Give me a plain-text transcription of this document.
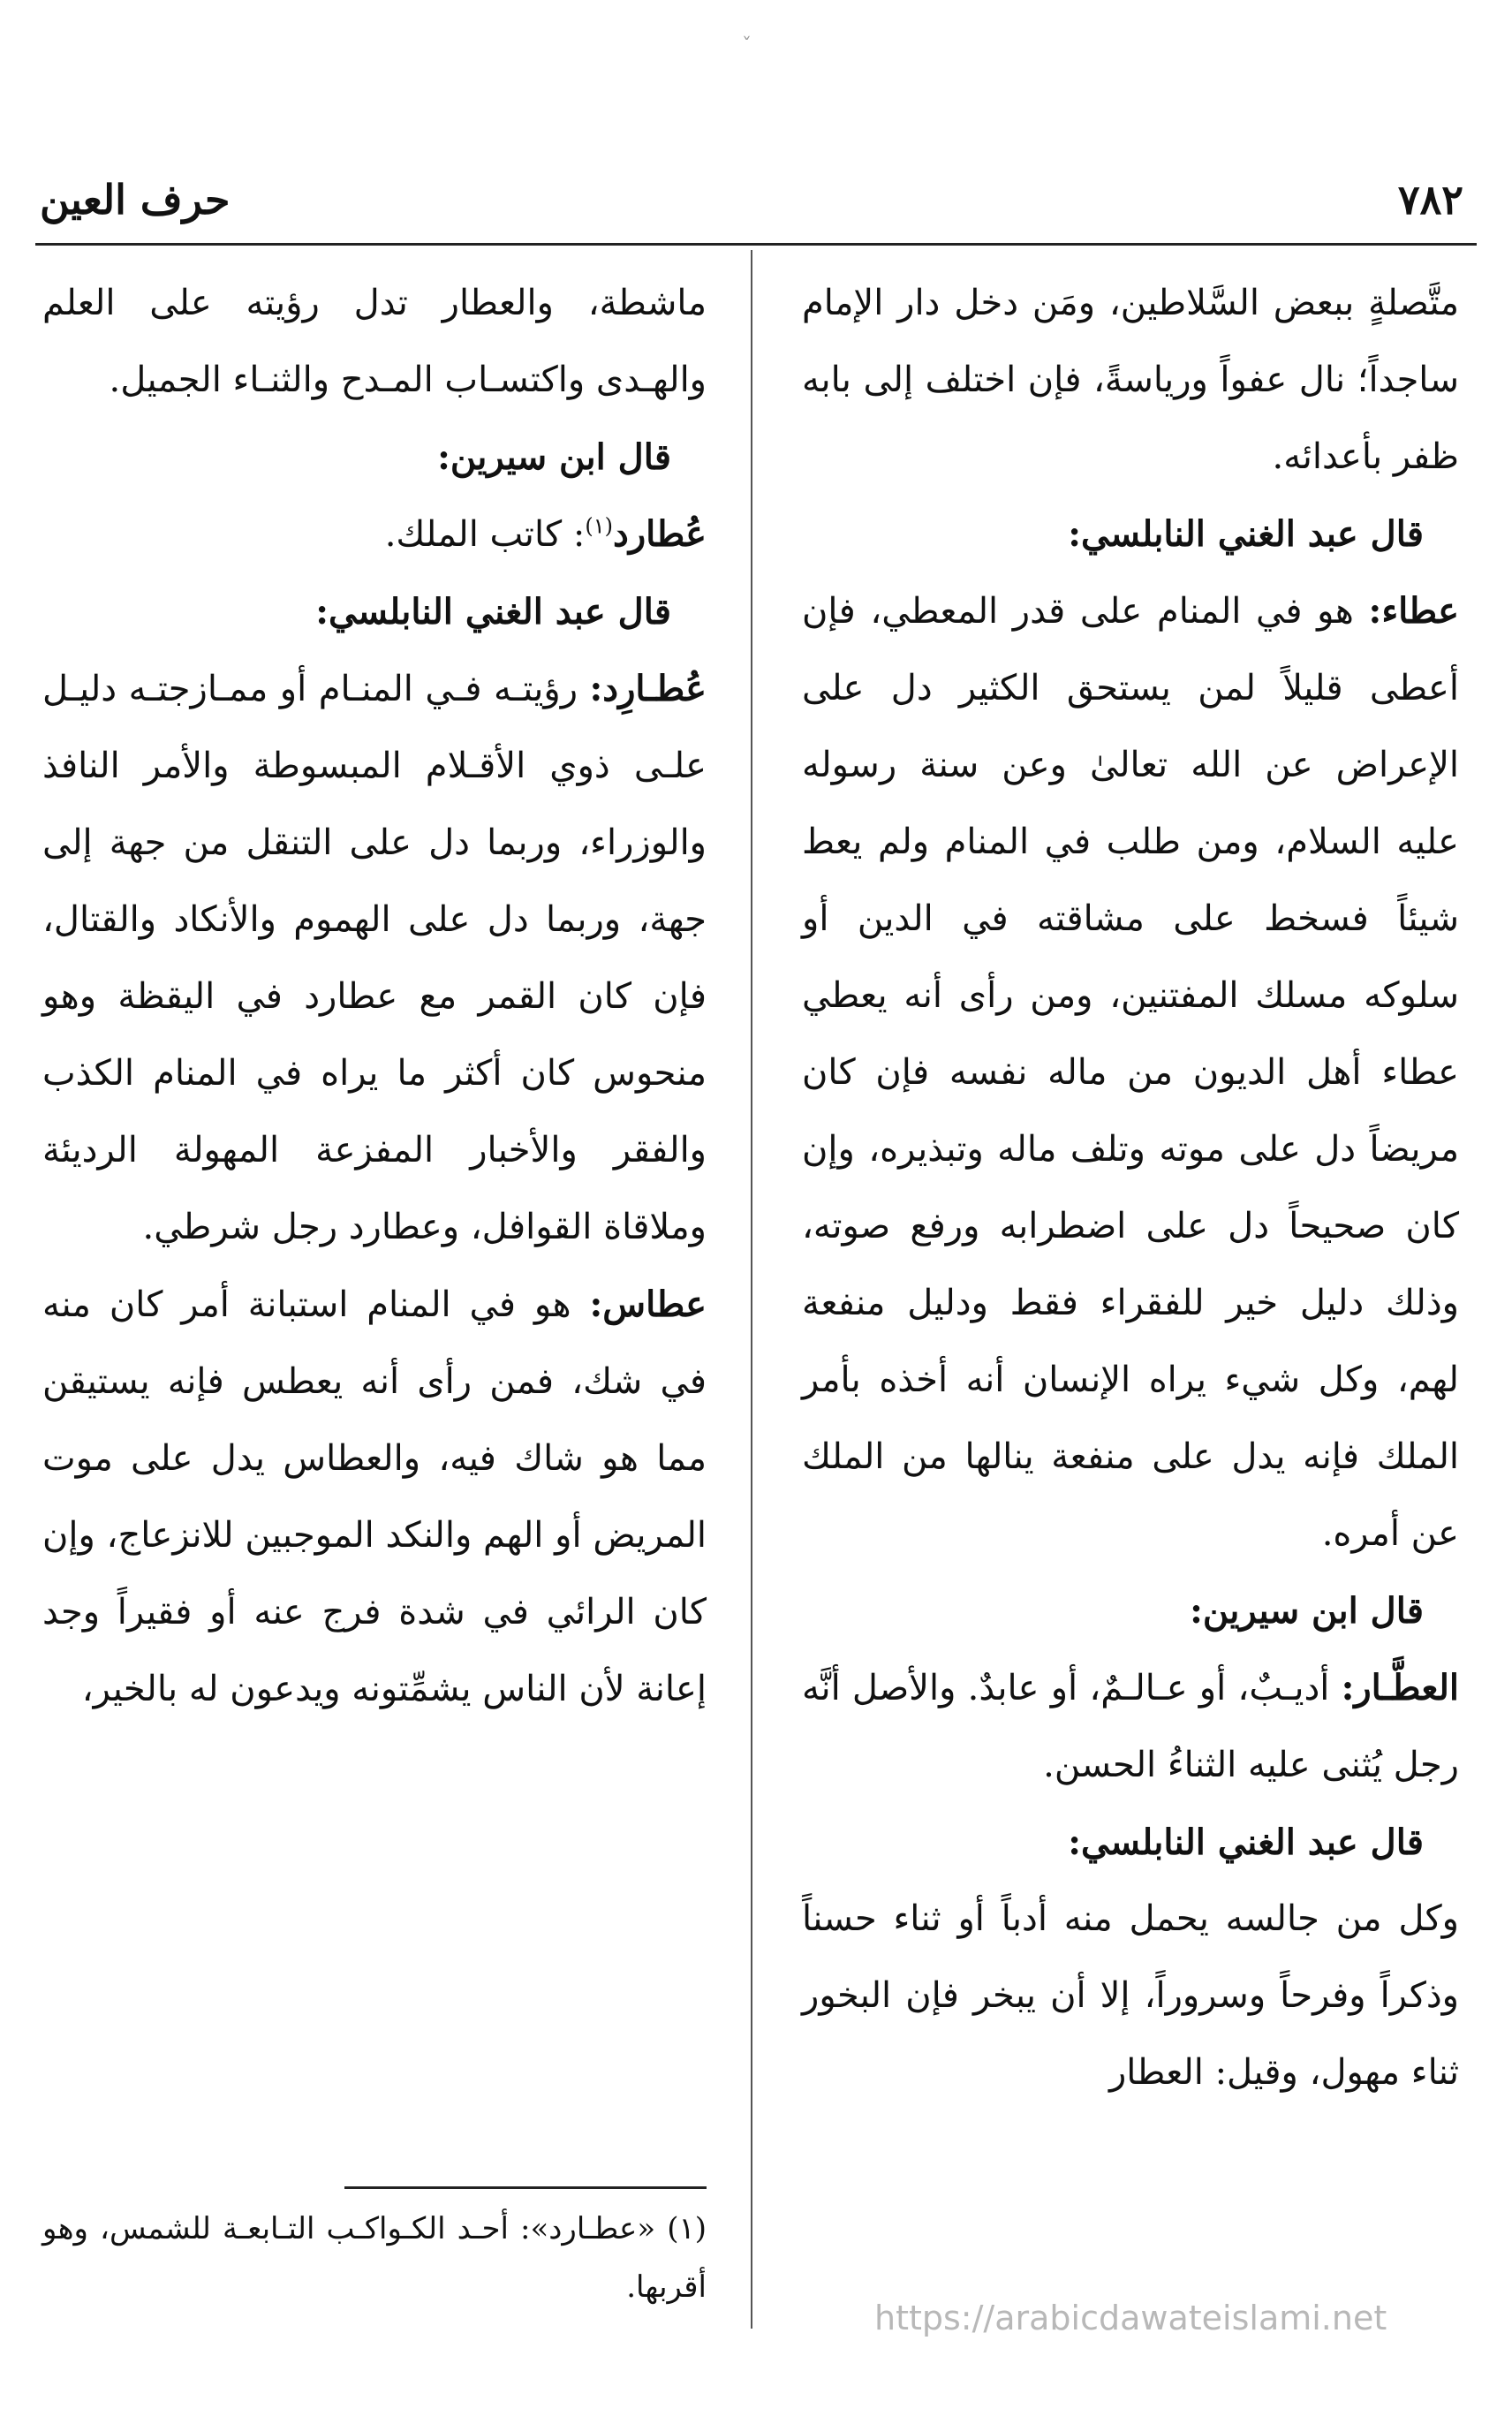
ˇ
٧٨٢
حرف العين

متَّصلةٍ ببعض السَّلاطين، ومَن دخل دار الإمام ساجداً؛ نال عفواً ورياسةً، فإن اختلف إلى بابه ظفر بأعدائه.

قال عبد الغني النابلسي:

عطاء: هو في المنام على قدر المعطي، فإن أعطى قليلاً لمن يستحق الكثير دل على الإعراض عن الله تعالىٰ وعن سنة رسوله عليه السلام، ومن طلب في المنام ولم يعط شيئاً فسخط على مشاقته في الدين أو سلوكه مسلك المفتنين، ومن رأى أنه يعطي عطاء أهل الديون من ماله نفسه فإن كان مريضاً دل على موته وتلف ماله وتبذيره، وإن كان صحيحاً دل على اضطرابه ورفع صوته، وذلك دليل خير للفقراء فقط ودليل منفعة لهم، وكل شيء يراه الإنسان أنه أخذه بأمر الملك فإنه يدل على منفعة ينالها من الملك عن أمره.

قال ابن سيرين:

العطَّـار: أديـبٌ، أو عـالـمٌ، أو عابدٌ. والأصل أنَّه رجل يُثنى عليه الثناءُ الحسن.

قال عبد الغني النابلسي:

وكل من جالسه يحمل منه أدباً أو ثناء حسناً وذكراً وفرحاً وسروراً، إلا أن يبخر فإن البخور ثناء مهول، وقيل: العطار

ماشطة، والعطار تدل رؤيته على العلم والهـدى واكتسـاب المـدح والثنـاء الجميل.

قال ابن سيرين:

عُطارد$^{(١)}$: كاتب الملك.

قال عبد الغني النابلسي:

عُطـارِد: رؤيتـه فـي المنـام أو ممـازجتـه دليـل علـى ذوي الأقـلام المبسوطة والأمر النافذ والوزراء، وربما دل على التنقل من جهة إلى جهة، وربما دل على الهموم والأنكاد والقتال، فإن كان القمر مع عطارد في اليقظة وهو منحوس كان أكثر ما يراه في المنام الكذب والفقر والأخبار المفزعة المهولة الرديئة وملاقاة القوافل، وعطارد رجل شرطي.

عطاس: هو في المنام استبانة أمر كان منه في شك، فمن رأى أنه يعطس فإنه يستيقن مما هو شاك فيه، والعطاس يدل على موت المريض أو الهم والنكد الموجبين للانزعاج، وإن كان الرائي في شدة فرج عنه أو فقيراً وجد إعانة لأن الناس يشمِّتونه ويدعون له بالخير،

(١) «عطـارد»: أحـد الكـواكـب التـابعـة للشمس، وهو أقربها.

https://arabicdawateislami.net
